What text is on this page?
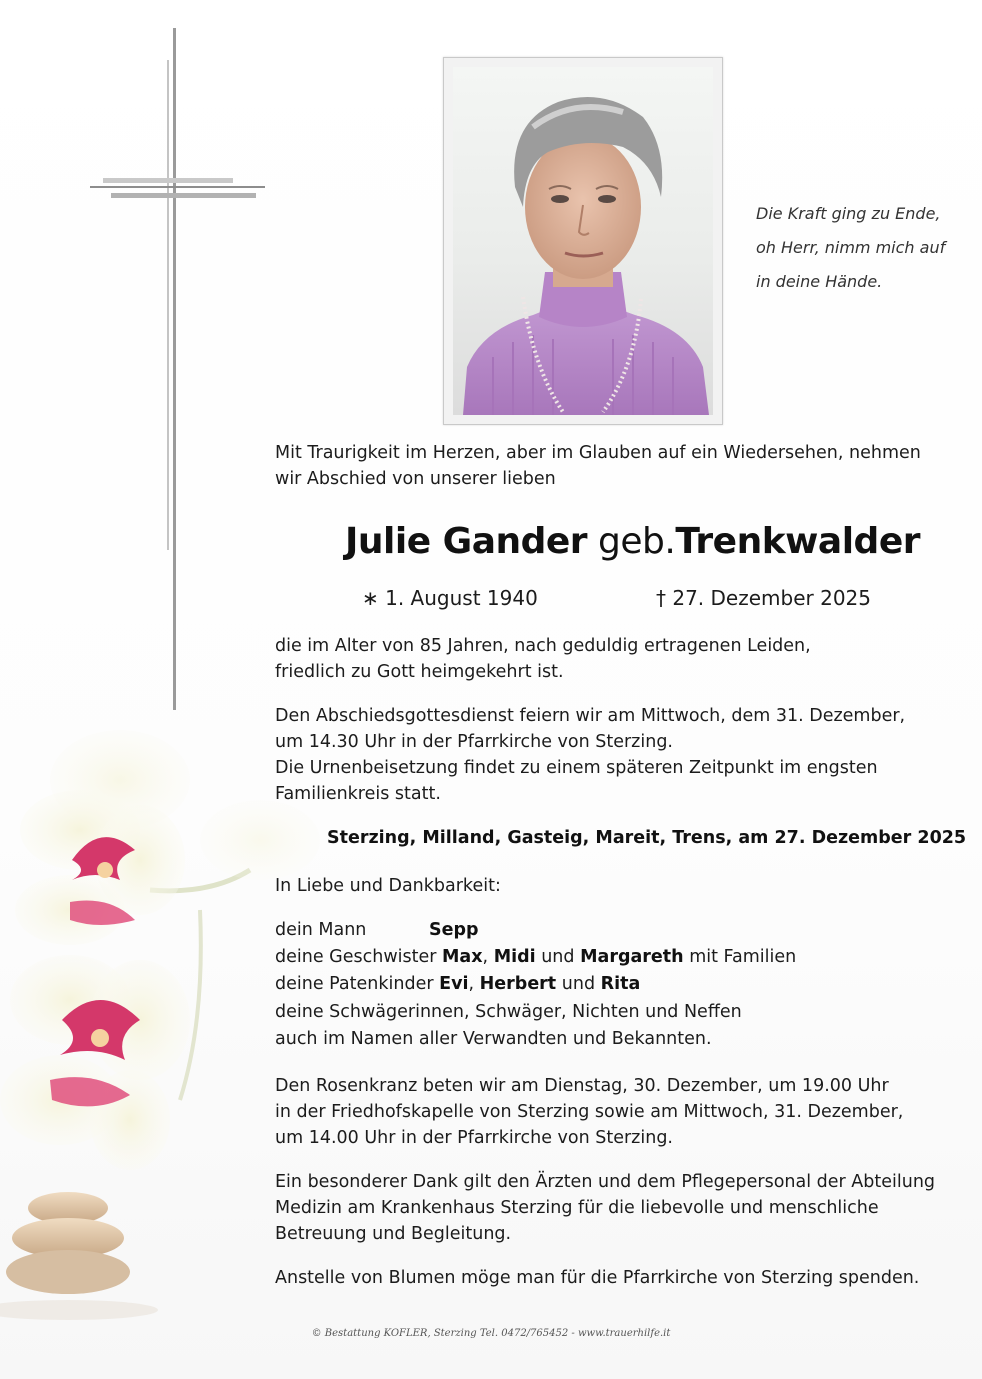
Die Kraft ging zu Ende,
oh Herr, nimm mich auf
in deine Hände.
Mit Traurigkeit im Herzen, aber im Glauben auf ein Wiedersehen, nehmen
wir Abschied von unserer lieben
Julie Gander geb.Trenkwalder
∗ 1. August 1940	† 27. Dezember 2025
die im Alter von 85 Jahren, nach geduldig ertragenen Leiden,
friedlich zu Gott heimgekehrt ist.
Den Abschiedsgottesdienst feiern wir am Mittwoch, dem 31. Dezember,
um 14.30 Uhr in der Pfarrkirche von Sterzing.
Die Urnenbeisetzung findet zu einem späteren Zeitpunkt im engsten
Familienkreis statt.
Sterzing, Milland, Gasteig, Mareit, Trens, am 27. Dezember 2025
In Liebe und Dankbarkeit:
dein Mann	Sepp
deine Geschwister Max, Midi und Margareth mit Familien
deine Patenkinder Evi, Herbert und Rita
deine Schwägerinnen, Schwäger, Nichten und Neffen
auch im Namen aller Verwandten und Bekannten.
Den Rosenkranz beten wir am Dienstag, 30. Dezember, um 19.00 Uhr
in der Friedhofskapelle von Sterzing sowie am Mittwoch, 31. Dezember,
um 14.00 Uhr in der Pfarrkirche von Sterzing.
Ein besonderer Dank gilt den Ärzten und dem Pflegepersonal der Abteilung
Medizin am Krankenhaus Sterzing für die liebevolle und menschliche
Betreuung und Begleitung.
Anstelle von Blumen möge man für die Pfarrkirche von Sterzing spenden.
© Bestattung KOFLER, Sterzing Tel. 0472/765452 - www.trauerhilfe.it
